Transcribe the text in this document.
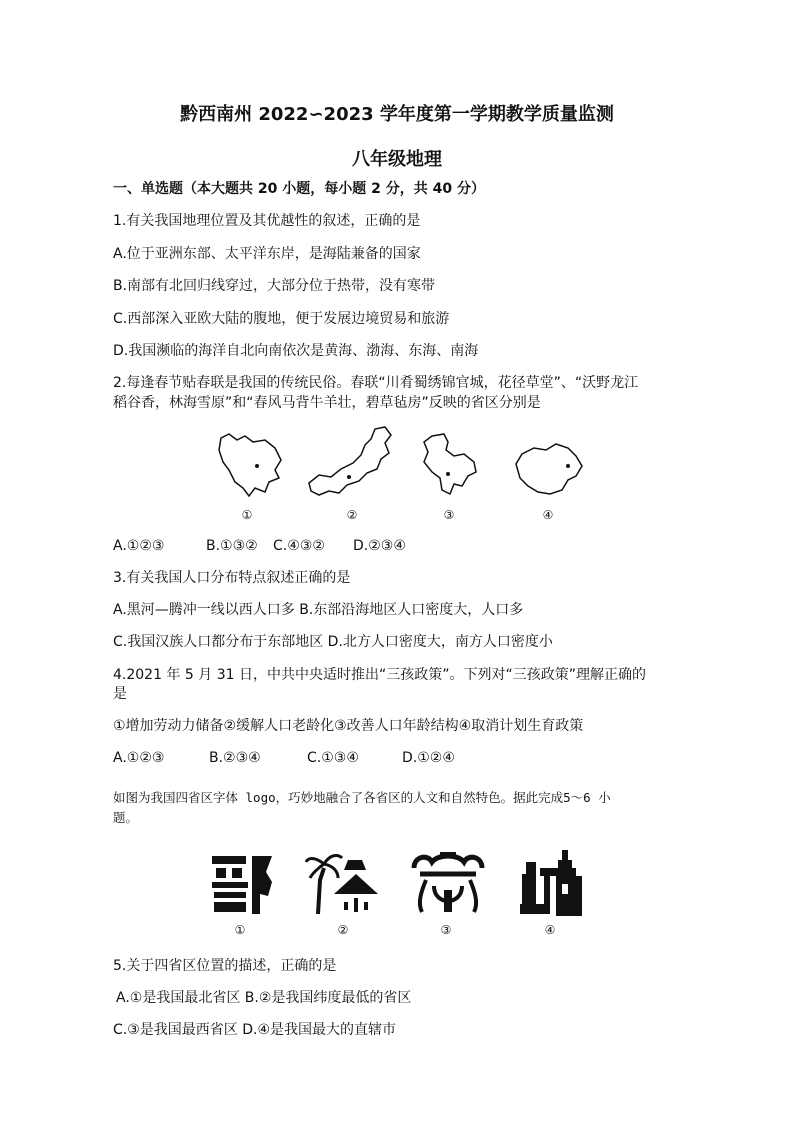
黔西南州 2022∽2023 学年度第一学期教学质量监测
八年级地理
一、单选题（本大题共 20 小题，每小题 2 分，共 40 分）
1.有关我国地理位置及其优越性的叙述，正确的是
A.位于亚洲东部、太平洋东岸，是海陆兼备的国家
B.南部有北回归线穿过，大部分位于热带，没有寒带
C.西部深入亚欧大陆的腹地，便于发展边境贸易和旅游
D.我国濒临的海洋自北向南依次是黄海、渤海、东海、南海
2.每逢春节贴春联是我国的传统民俗。春联“川肴蜀绣锦官城，花径草堂”、“沃野龙江
稻谷香，林海雪原”和“春风马背牛羊壮，碧草毡房”反映的省区分别是
①	②	③	④
A.①②③	B.①③② C.④③② D.②③④
3.有关我国人口分布特点叙述正确的是
A.黑河—腾冲一线以西人口多 B.东部沿海地区人口密度大，人口多
C.我国汉族人口都分布于东部地区 D.北方人口密度大，南方人口密度小
4.2021 年 5 月 31 日，中共中央适时推出“三孩政策”。下列对“三孩政策”理解正确的
是
①增加劳动力储备②缓解人口老龄化③改善人口年龄结构④取消计划生育政策
A.①②③	B.②③④	C.①③④	D.①②④
如图为我国四省区字体 logo，巧妙地融合了各省区的人文和自然特色。据此完成5～6 小
题。
①	②	③	④
5.关于四省区位置的描述，正确的是
A.①是我国最北省区 B.②是我国纬度最低的省区
C.③是我国最西省区 D.④是我国最大的直辖市
